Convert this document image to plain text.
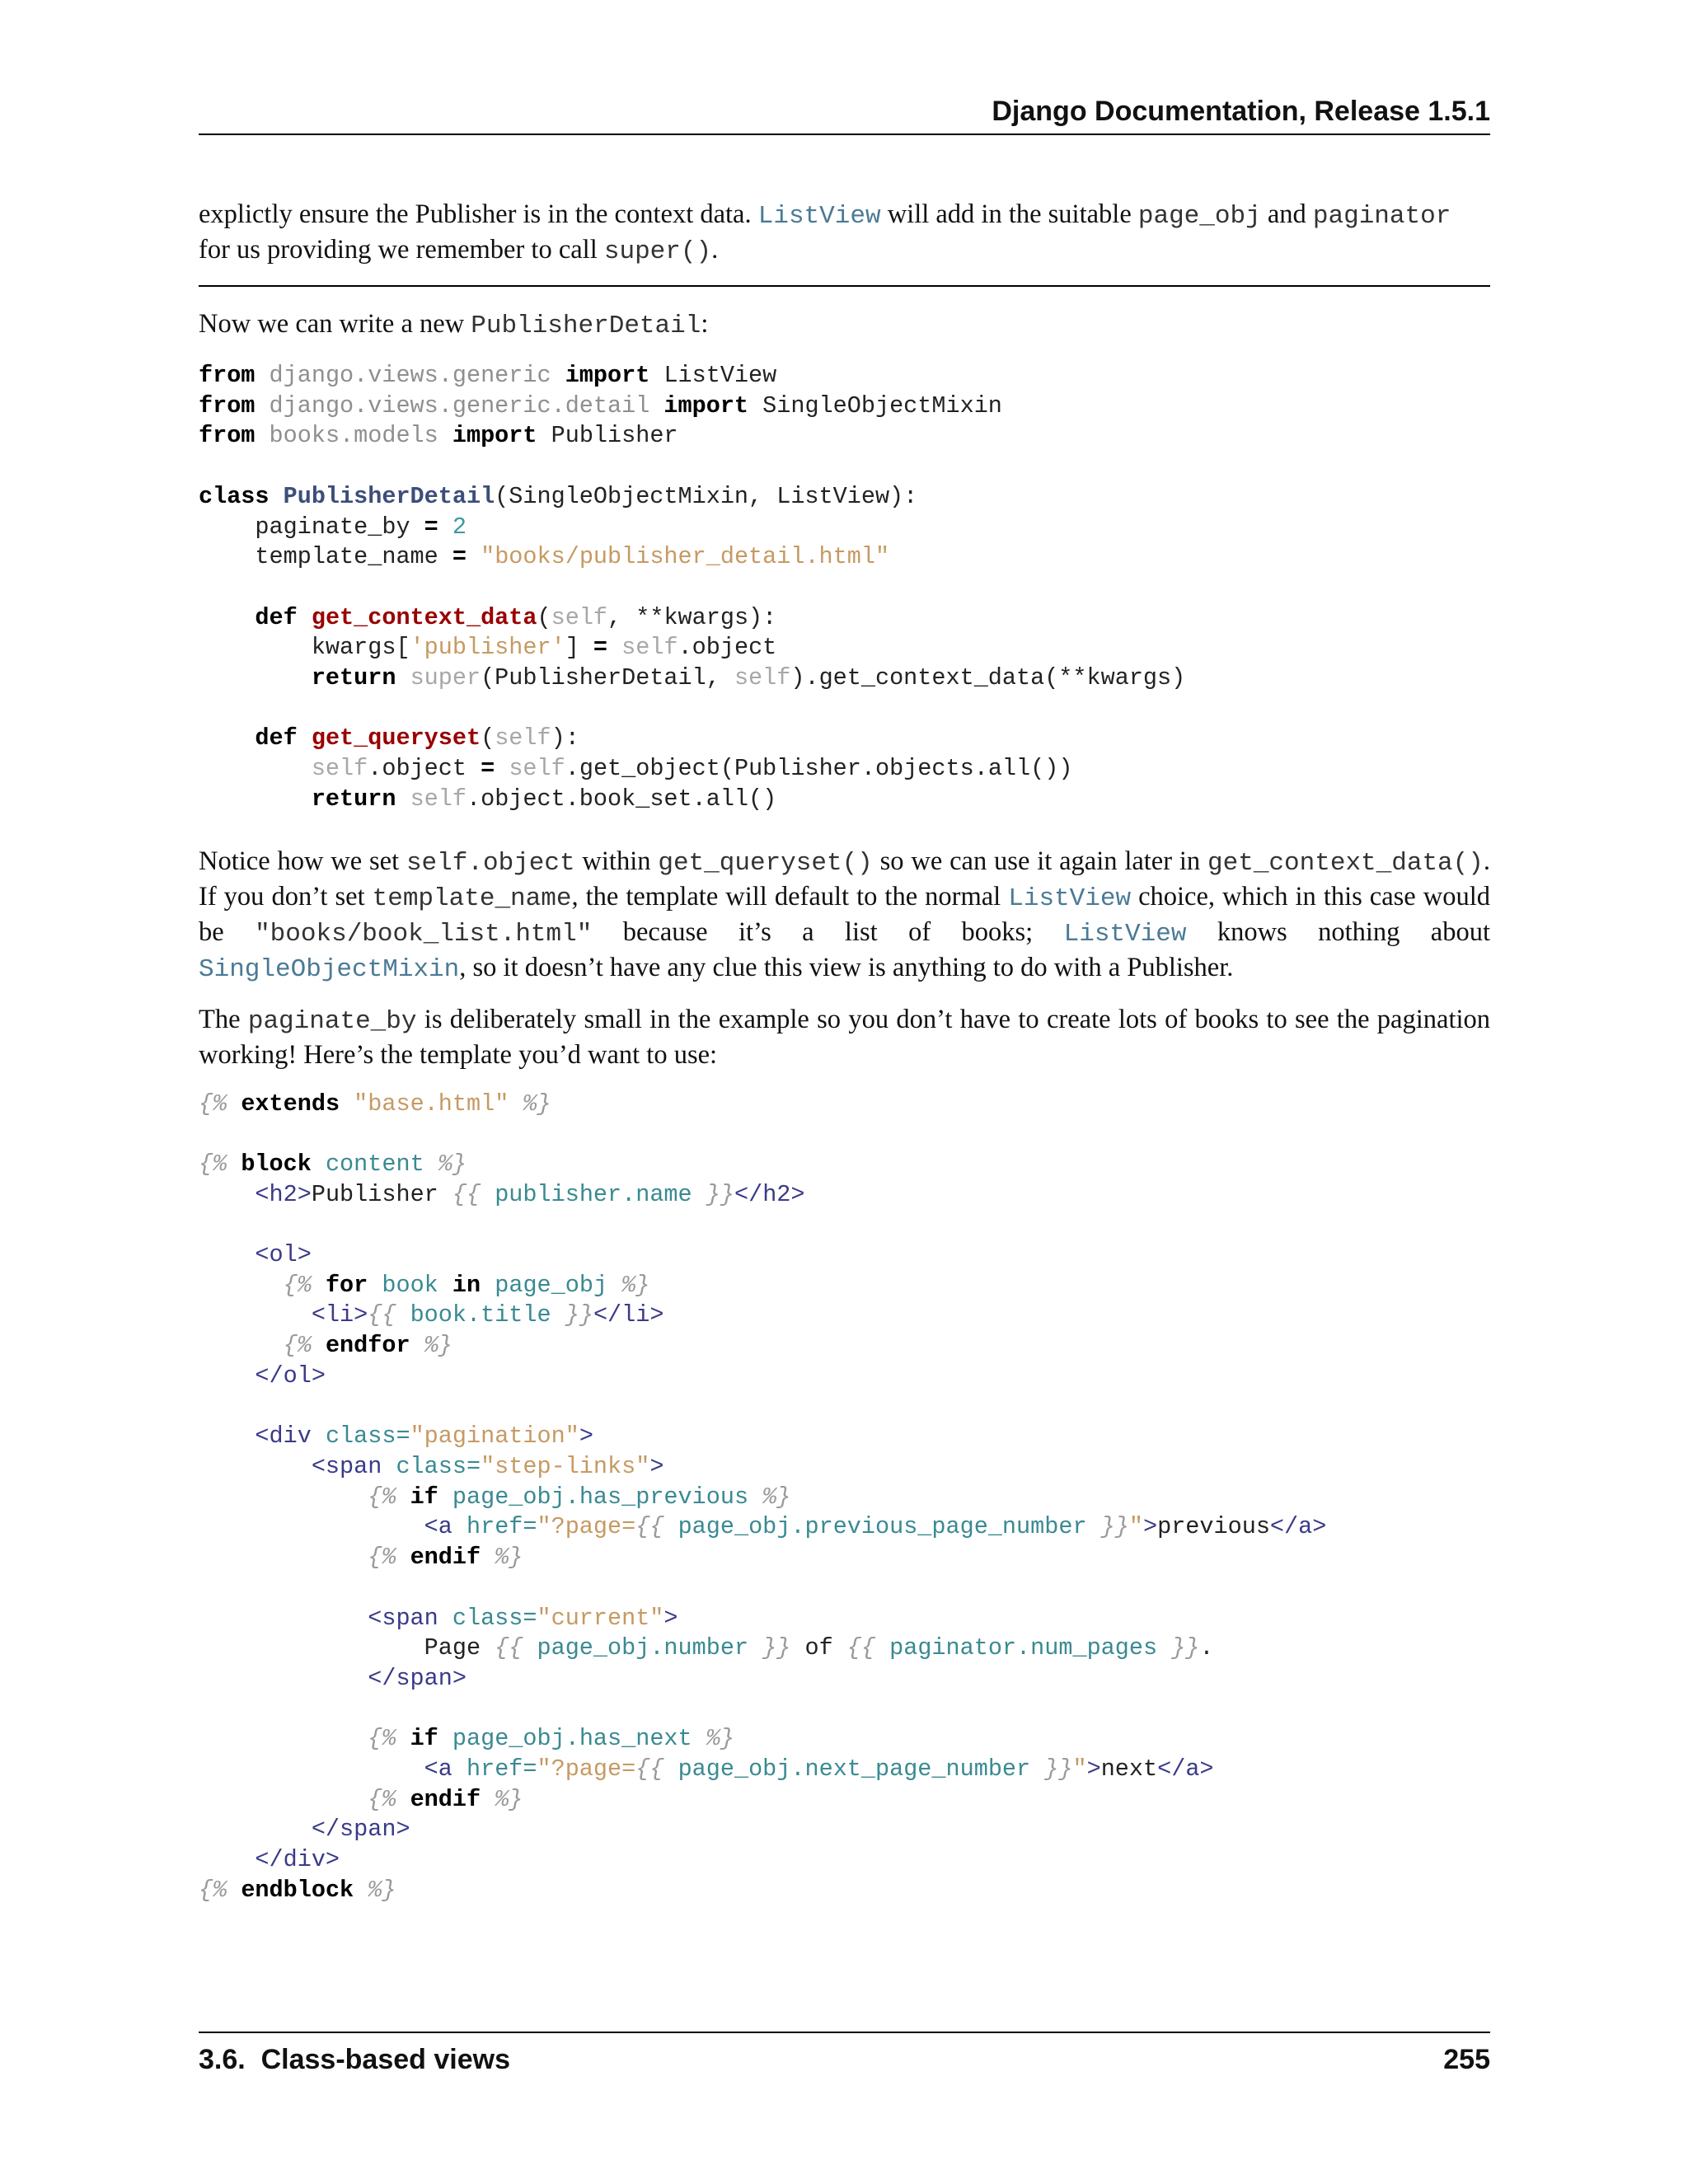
Django Documentation, Release 1.5.1

explictly ensure the Publisher is in the context data. ListView will add in the suitable page_obj and paginator
for us providing we remember to call super().

Now we can write a new PublisherDetail:

from django.views.generic import ListView
from django.views.generic.detail import SingleObjectMixin
from books.models import Publisher

class PublisherDetail(SingleObjectMixin, ListView):
paginate_by = 2
template_name = "books/publisher_detail.html"

def get_context_data(self, **kwargs):
kwargs['publisher'] = self.object
return super(PublisherDetail, self).get_context_data(**kwargs)

def get_queryset(self):
self.object = self.get_object(Publisher.objects.all())
return self.object.book_set.all()

Notice how we set self.object within get_queryset() so we can use it again later in get_context_data(). If you don’t set template_name, the template will default to the normal ListView choice, which in this case would be "books/book_list.html" because it’s a list of books; ListView knows nothing about SingleObjectMixin, so it doesn’t have any clue this view is anything to do with a Publisher.

The paginate_by is deliberately small in the example so you don’t have to create lots of books to see the pagination working! Here’s the template you’d want to use:

{% extends "base.html" %}

{% block content %}
<h2>Publisher {{ publisher.name }}</h2>

<ol>
{% for book in page_obj %}
<li>{{ book.title }}</li>
{% endfor %}
</ol>

<div class="pagination">
<span class="step-links">
{% if page_obj.has_previous %}
<a href="?page={{ page_obj.previous_page_number }}">previous</a>
{% endif %}

<span class="current">
Page {{ page_obj.number }} of {{ paginator.num_pages }}.
</span>

{% if page_obj.has_next %}
<a href="?page={{ page_obj.next_page_number }}">next</a>
{% endif %}
</span>
</div>
{% endblock %}
3.6.  Class-based views	255
